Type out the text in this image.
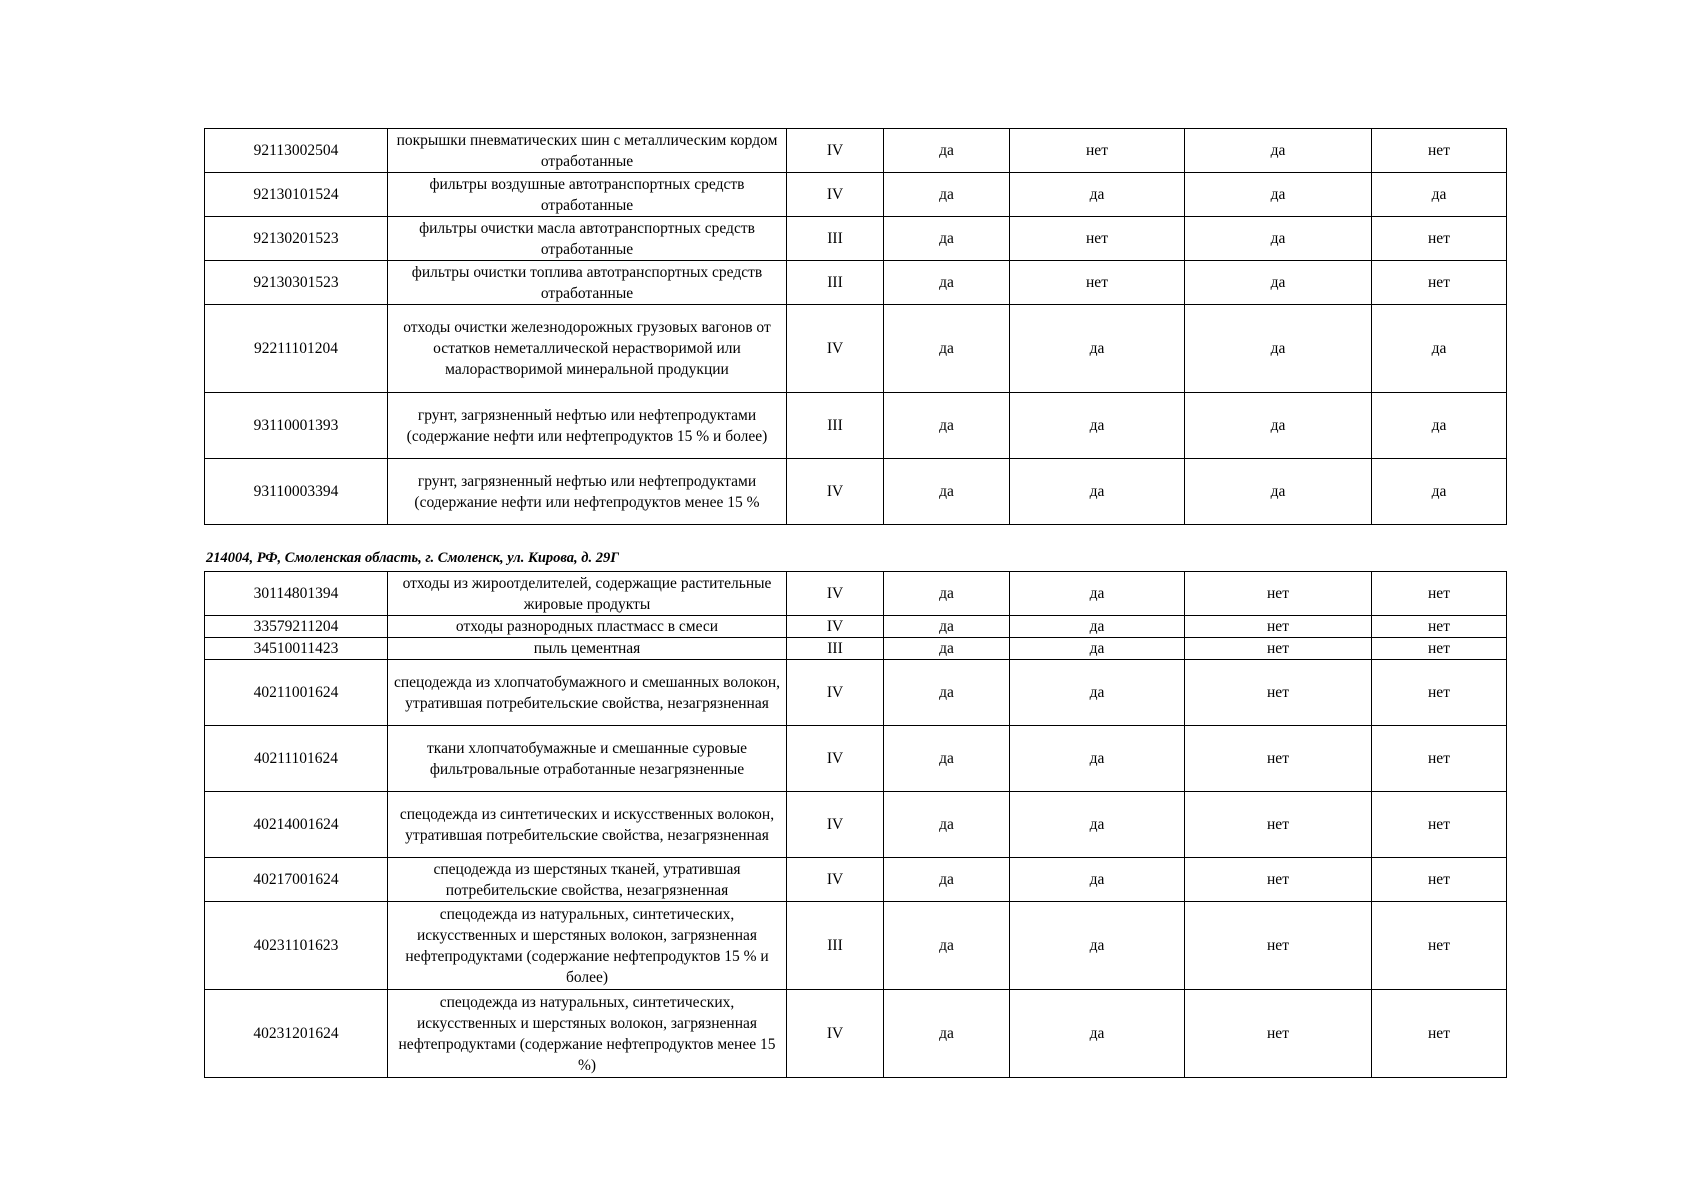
92113002504	покрышки пневматических шин с металлическим кордом отработанные	IV	да	нет	да	нет
92130101524	фильтры воздушные автотранспортных средств отработанные	IV	да	да	да	да
92130201523	фильтры очистки масла автотранспортных средств отработанные	III	да	нет	да	нет
92130301523	фильтры очистки топлива автотранспортных средств отработанные	III	да	нет	да	нет
92211101204	отходы очистки железнодорожных грузовых вагонов от остатков неметаллической нерастворимой или малорастворимой минеральной продукции	IV	да	да	да	да
93110001393	грунт, загрязненный нефтью или нефтепродуктами (содержание нефти или нефтепродуктов 15 % и более)	III	да	да	да	да
93110003394	грунт, загрязненный нефтью или нефтепродуктами (содержание нефти или нефтепродуктов менее 15 %	IV	да	да	да	да
214004, РФ, Смоленская область, г. Смоленск, ул. Кирова, д. 29Г
30114801394	отходы из жироотделителей, содержащие растительные жировые продукты	IV	да	да	нет	нет
33579211204	отходы разнородных пластмасс в смеси	IV	да	да	нет	нет
34510011423	пыль цементная	III	да	да	нет	нет
40211001624	спецодежда из хлопчатобумажного и смешанных волокон, утратившая потребительские свойства, незагрязненная	IV	да	да	нет	нет
40211101624	ткани хлопчатобумажные и смешанные суровые фильтровальные отработанные незагрязненные	IV	да	да	нет	нет
40214001624	спецодежда из синтетических и искусственных волокон, утратившая потребительские свойства, незагрязненная	IV	да	да	нет	нет
40217001624	спецодежда из шерстяных тканей, утратившая потребительские свойства, незагрязненная	IV	да	да	нет	нет
40231101623	спецодежда из натуральных, синтетических, искусственных и шерстяных волокон, загрязненная нефтепродуктами (содержание нефтепродуктов 15 % и более)	III	да	да	нет	нет
40231201624	спецодежда из натуральных, синтетических, искусственных и шерстяных волокон, загрязненная нефтепродуктами (содержание нефтепродуктов менее 15 %)	IV	да	да	нет	нет
